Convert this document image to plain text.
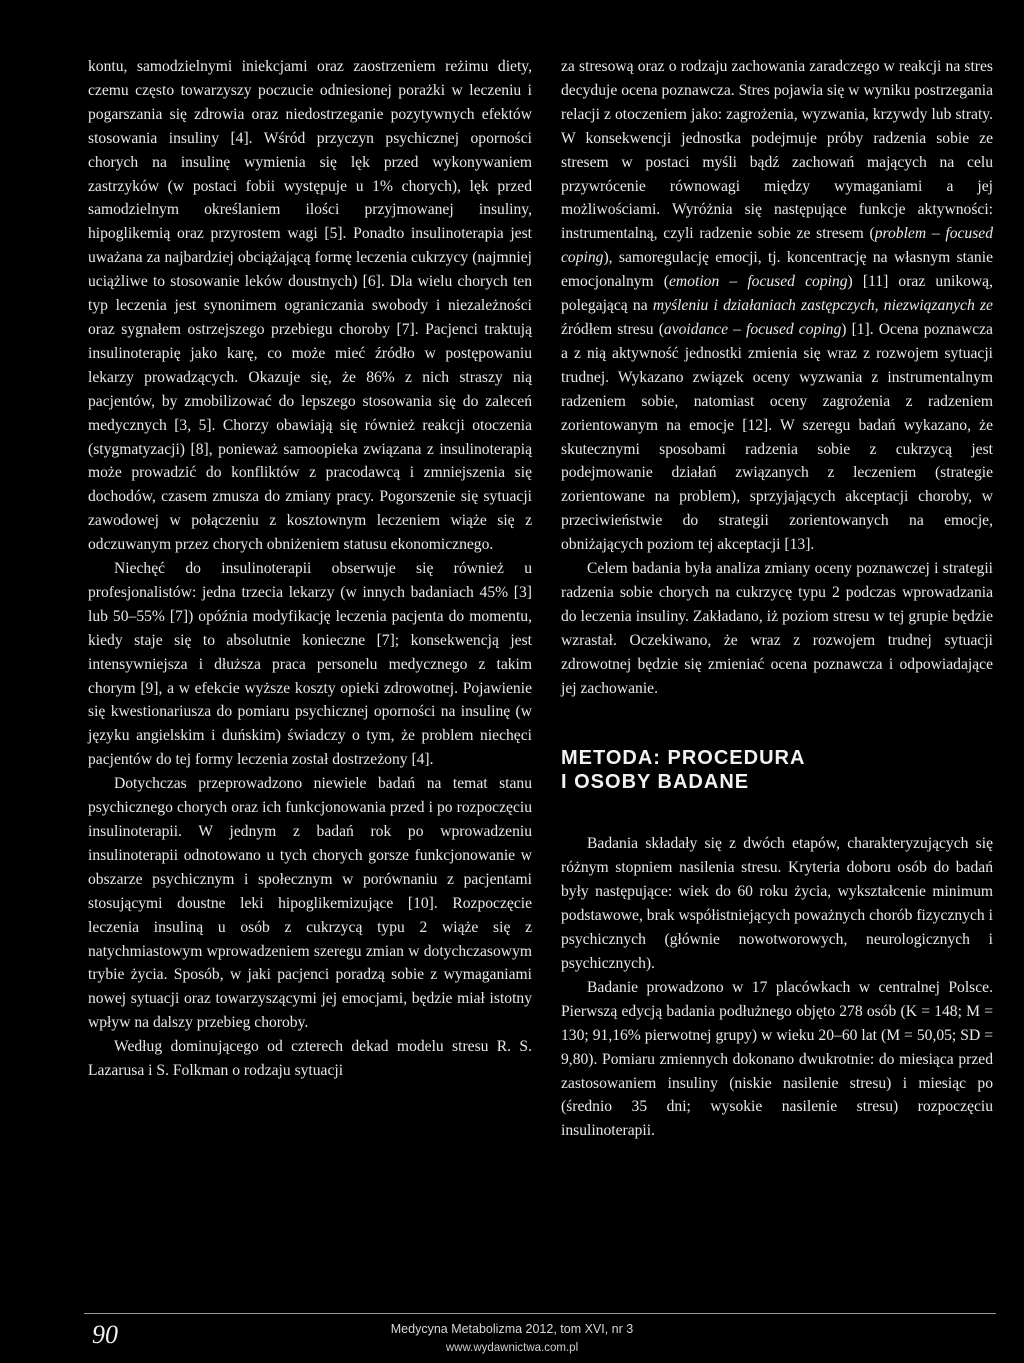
kontu, samodzielnymi iniekcjami oraz zaostrzeniem reżimu diety, czemu często towarzyszy poczucie odniesionej porażki w leczeniu i pogarszania się zdrowia oraz niedostrzeganie pozytywnych efektów stosowania insuliny [4]. Wśród przyczyn psychicznej oporności chorych na insulinę wymienia się lęk przed wykonywaniem zastrzyków (w postaci fobii występuje u 1% chorych), lęk przed samodzielnym określaniem ilości przyjmowanej insuliny, hipoglikemią oraz przyrostem wagi [5]. Ponadto insulinoterapia jest uważana za najbardziej obciążającą formę leczenia cukrzycy (najmniej uciążliwe to stosowanie leków doustnych) [6]. Dla wielu chorych ten typ leczenia jest synonimem ograniczania swobody i niezależności oraz sygnałem ostrzejszego przebiegu choroby [7]. Pacjenci traktują insulinoterapię jako karę, co może mieć źródło w postępowaniu lekarzy prowadzących. Okazuje się, że 86% z nich straszy nią pacjentów, by zmobilizować do lepszego stosowania się do zaleceń medycznych [3, 5]. Chorzy obawiają się również reakcji otoczenia (stygmatyzacji) [8], ponieważ samoopieka związana z insulinoterapią może prowadzić do konfliktów z pracodawcą i zmniejszenia się dochodów, czasem zmusza do zmiany pracy. Pogorszenie się sytuacji zawodowej w połączeniu z kosztownym leczeniem wiąże się z odczuwanym przez chorych obniżeniem statusu ekonomicznego.

Niechęć do insulinoterapii obserwuje się również u profesjonalistów: jedna trzecia lekarzy (w innych badaniach 45% [3] lub 50–55% [7]) opóźnia modyfikację leczenia pacjenta do momentu, kiedy staje się to absolutnie konieczne [7]; konsekwencją jest intensywniejsza i dłuższa praca personelu medycznego z takim chorym [9], a w efekcie wyższe koszty opieki zdrowotnej. Pojawienie się kwestionariusza do pomiaru psychicznej oporności na insulinę (w języku angielskim i duńskim) świadczy o tym, że problem niechęci pacjentów do tej formy leczenia został dostrzeżony [4].

Dotychczas przeprowadzono niewiele badań na temat stanu psychicznego chorych oraz ich funkcjonowania przed i po rozpoczęciu insulinoterapii. W jednym z badań rok po wprowadzeniu insulinoterapii odnotowano u tych chorych gorsze funkcjonowanie w obszarze psychicznym i społecznym w porównaniu z pacjentami stosującymi doustne leki hipoglikemizujące [10]. Rozpoczęcie leczenia insuliną u osób z cukrzycą typu 2 wiąże się z natychmiastowym wprowadzeniem szeregu zmian w dotychczasowym trybie życia. Sposób, w jaki pacjenci poradzą sobie z wymaganiami nowej sytuacji oraz towarzyszącymi jej emocjami, będzie miał istotny wpływ na dalszy przebieg choroby.

Według dominującego od czterech dekad modelu stresu R. S. Lazarusa i S. Folkman o rodzaju sytuacji

za stresową oraz o rodzaju zachowania zaradczego w reakcji na stres decyduje ocena poznawcza. Stres pojawia się w wyniku postrzegania relacji z otoczeniem jako: zagrożenia, wyzwania, krzywdy lub straty. W konsekwencji jednostka podejmuje próby radzenia sobie ze stresem w postaci myśli bądź zachowań mających na celu przywrócenie równowagi między wymaganiami a jej możliwościami. Wyróżnia się następujące funkcje aktywności: instrumentalną, czyli radzenie sobie ze stresem (problem – focused coping), samoregulację emocji, tj. koncentrację na własnym stanie emocjonalnym (emotion – focused coping) [11] oraz unikową, polegającą na myśleniu i działaniach zastępczych, niezwiązanych ze źródłem stresu (avoidance – focused coping) [1]. Ocena poznawcza a z nią aktywność jednostki zmienia się wraz z rozwojem sytuacji trudnej. Wykazano związek oceny wyzwania z instrumentalnym radzeniem sobie, natomiast oceny zagrożenia z radzeniem zorientowanym na emocje [12]. W szeregu badań wykazano, że skutecznymi sposobami radzenia sobie z cukrzycą jest podejmowanie działań związanych z leczeniem (strategie zorientowane na problem), sprzyjających akceptacji choroby, w przeciwieństwie do strategii zorientowanych na emocje, obniżających poziom tej akceptacji [13].

Celem badania była analiza zmiany oceny poznawczej i strategii radzenia sobie chorych na cukrzycę typu 2 podczas wprowadzania do leczenia insuliny. Zakładano, iż poziom stresu w tej grupie będzie wzrastał. Oczekiwano, że wraz z rozwojem trudnej sytuacji zdrowotnej będzie się zmieniać ocena poznawcza i odpowiadające jej zachowanie.

METODA: PROCEDURA
I OSOBY BADANE

Badania składały się z dwóch etapów, charakteryzujących się różnym stopniem nasilenia stresu. Kryteria doboru osób do badań były następujące: wiek do 60 roku życia, wykształcenie minimum podstawowe, brak współistniejących poważnych chorób fizycznych i psychicznych (głównie nowotworowych, neurologicznych i psychicznych).

Badanie prowadzono w 17 placówkach w centralnej Polsce. Pierwszą edycją badania podłużnego objęto 278 osób (K = 148; M = 130; 91,16% pierwotnej grupy) w wieku 20–60 lat (M = 50,05; SD = 9,80). Pomiaru zmiennych dokonano dwukrotnie: do miesiąca przed zastosowaniem insuliny (niskie nasilenie stresu) i miesiąc po (średnio 35 dni; wysokie nasilenie stresu) rozpoczęciu insulinoterapii.

90	Medycyna Metabolizma 2012, tom XVI, nr 3
www.wydawnictwa.com.pl
